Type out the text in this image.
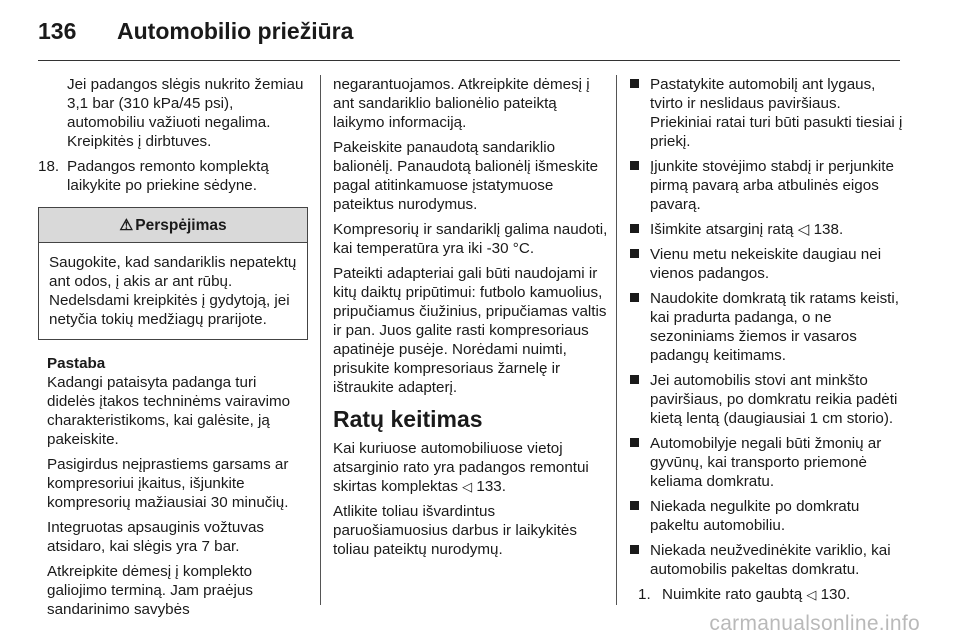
136 Automobilio priežiūra

Jei padangos slėgis nukrito žemiau 3,1 bar (310 kPa/45 psi), automobiliu važiuoti negalima. Kreipkitės į dirbtuves.

18. Padangos remonto komplektą laikykite po priekine sėdyne.
⚠ Perspėjimas
Saugokite, kad sandariklis nepatektų ant odos, į akis ar ant rūbų. Nedelsdami kreipkitės į gydytoją, jei netyčia tokių medžiagų prarijote.
Pastaba

Kadangi pataisyta padanga turi didelės įtakos techninėms vairavimo charakteristikoms, kai galėsite, ją pakeiskite.

Pasigirdus neįprastiems garsams ar kompresoriui įkaitus, išjunkite kompresorių mažiausiai 30 minučių.

Integruotas apsauginis vožtuvas atsidaro, kai slėgis yra 7 bar.

Atkreipkite dėmesį į komplekto galiojimo terminą. Jam praėjus sandarinimo savybės

negarantuojamos. Atkreipkite dėmesį į ant sandariklio balionėlio pateiktą laikymo informaciją.

Pakeiskite panaudotą sandariklio balionėlį. Panaudotą balionėlį išmeskite pagal atitinkamuose įstatymuose pateiktus nurodymus.

Kompresorių ir sandariklį galima naudoti, kai temperatūra yra iki -30 °C.

Pateikti adapteriai gali būti naudojami ir kitų daiktų pripūtimui: futbolo kamuolius, pripučiamus čiužinius, pripučiamas valtis ir pan. Juos galite rasti kompresoriaus apatinėje pusėje. Norėdami nuimti, prisukite kompresoriaus žarnelę ir ištraukite adapterį.

Ratų keitimas

Kai kuriuose automobiliuose vietoj atsarginio rato yra padangos remontui skirtas komplektas ◁ 133.

Atlikite toliau išvardintus paruošiamuosius darbus ir laikykitės toliau pateiktų nurodymų.

Pastatykite automobilį ant lygaus, tvirto ir neslidaus paviršiaus. Priekiniai ratai turi būti pasukti tiesiai į priekį.
Įjunkite stovėjimo stabdį ir perjunkite pirmą pavarą arba atbulinės eigos pavarą.
Išimkite atsarginį ratą ◁ 138.
Vienu metu nekeiskite daugiau nei vienos padangos.
Naudokite domkratą tik ratams keisti, kai pradurta padanga, o ne sezoniniams žiemos ir vasaros padangų keitimams.
Jei automobilis stovi ant minkšto paviršiaus, po domkratu reikia padėti kietą lentą (daugiausiai 1 cm storio).
Automobilyje negali būti žmonių ar gyvūnų, kai transporto priemonė keliama domkratu.
Niekada negulkite po domkratu pakeltu automobiliu.
Niekada neužvedinėkite variklio, kai automobilis pakeltas domkratu.
1. Nuimkite rato gaubtą ◁ 130.
carmanualsonline.info
